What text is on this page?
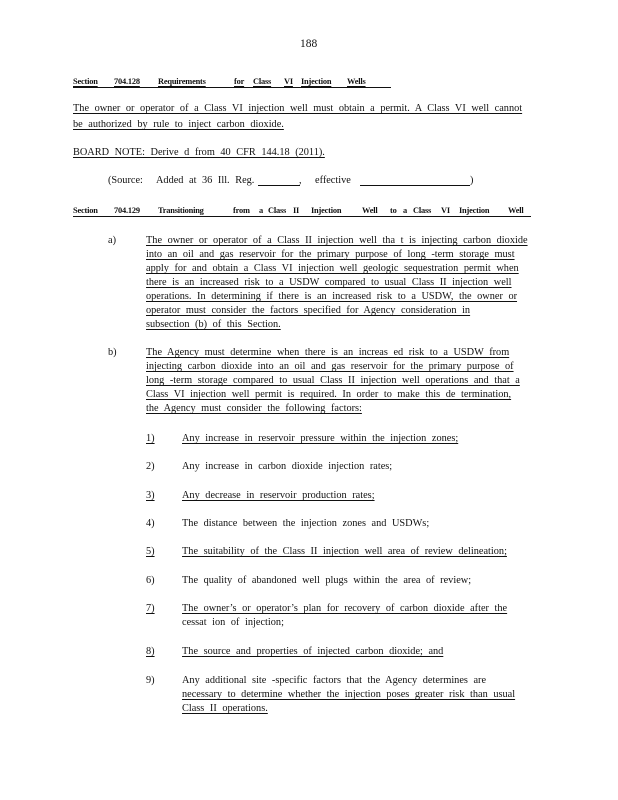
188
Section 704.128 Requirements	for Class VI Injection Wells
The owner or operator of a Class VI injection well must obtain a permit. A Class VI well cannot
be authorized by rule to inject carbon dioxide.
BOARD NOTE: Derive d from 40 CFR 144.18 (2011).
(Source: Added at 36 Ill. Reg.	, effective	)
Section 704.129 Transitioning	from a Class II Injection Well to a Class VI Injection Well
a)	The owner or operator of a Class II injection well tha t is injecting carbon dioxide
into an oil and gas reservoir for the primary purpose of long -term storage must
apply for and obtain a Class VI injection well geologic sequestration permit when
there is an increased risk to a USDW compared to usual Class II injection well
operations. In determining if there is an increased risk to a USDW, the owner or
operator must consider the factors specified for Agency consideration in
subsection (b) of this Section.
b)	The Agency must determine when there is an increas ed risk to a USDW from
injecting carbon dioxide into an oil and gas reservoir for the primary purpose of
long -term storage compared to usual Class II injection well operations and that a
Class VI injection well permit is required. In order to make this de termination,
the Agency must consider the following factors:
1)	Any increase in reservoir pressure within the injection zones;
2)	Any increase in carbon dioxide injection rates;
3)	Any decrease in reservoir production rates;
4)	The distance between the injection zones and USDWs;
5)	The suitability of the Class II injection well area of review delineation;
6)	The quality of abandoned well plugs within the area of review;
7)	The owner’s or operator’s plan for recovery of carbon dioxide after the
cessat ion of injection;
8)	The source and properties of injected carbon dioxide; and
9)	Any additional site -specific factors that the Agency determines are
necessary to determine whether the injection poses greater risk than usual
Class II operations.
